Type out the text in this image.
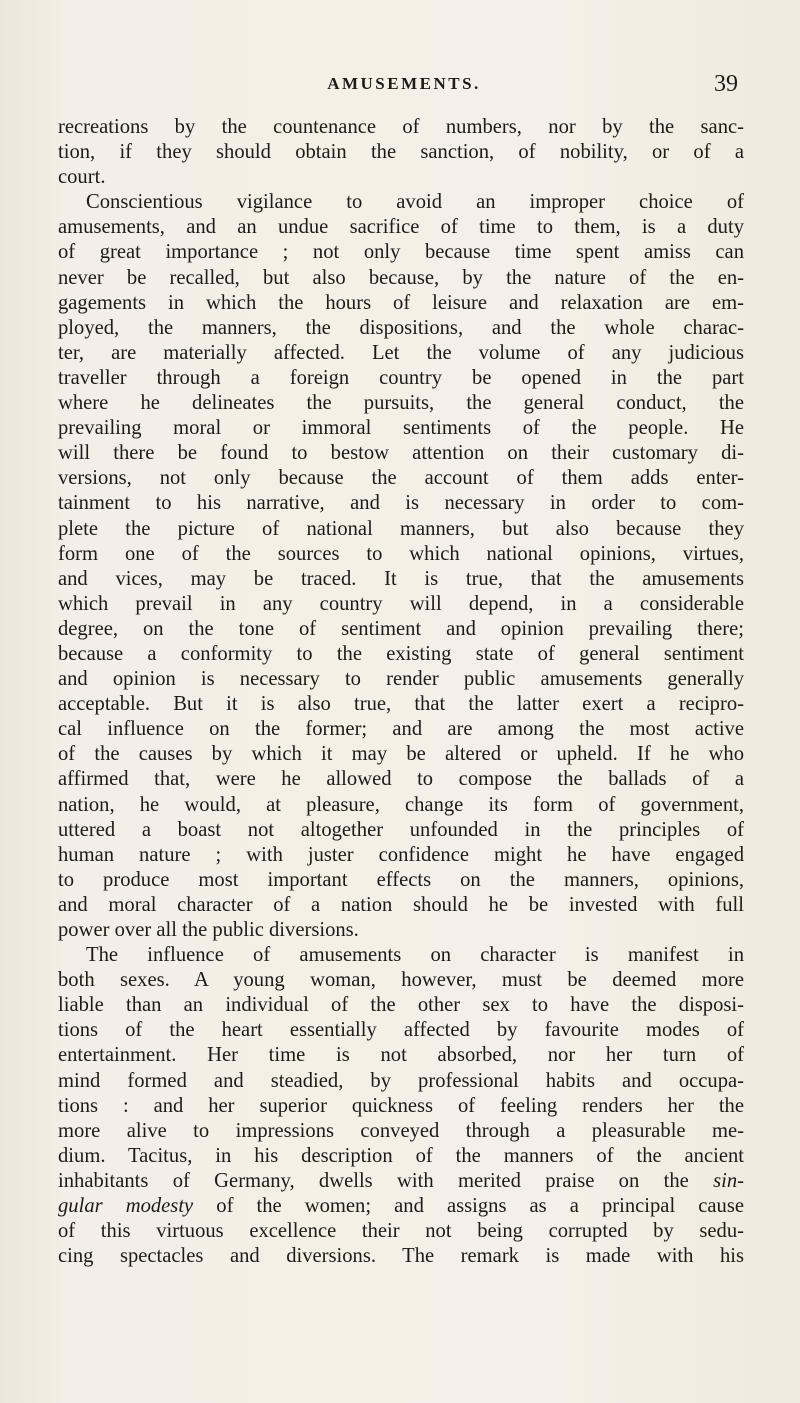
AMUSEMENTS.	39
recreations by the countenance of numbers, nor by the sanc-
tion, if they should obtain the sanction, of nobility, or of a
court.
Conscientious vigilance to avoid an improper choice of
amusements, and an undue sacrifice of time to them, is a duty
of great importance ; not only because time spent amiss can
never be recalled, but also because, by the nature of the en-
gagements in which the hours of leisure and relaxation are em-
ployed, the manners, the dispositions, and the whole charac-
ter, are materially affected. Let the volume of any judicious
traveller through a foreign country be opened in the part
where he delineates the pursuits, the general conduct, the
prevailing moral or immoral sentiments of the people. He
will there be found to bestow attention on their customary di-
versions, not only because the account of them adds enter-
tainment to his narrative, and is necessary in order to com-
plete the picture of national manners, but also because they
form one of the sources to which national opinions, virtues,
and vices, may be traced. It is true, that the amusements
which prevail in any country will depend, in a considerable
degree, on the tone of sentiment and opinion prevailing there;
because a conformity to the existing state of general sentiment
and opinion is necessary to render public amusements generally
acceptable. But it is also true, that the latter exert a recipro-
cal influence on the former; and are among the most active
of the causes by which it may be altered or upheld. If he who
affirmed that, were he allowed to compose the ballads of a
nation, he would, at pleasure, change its form of government,
uttered a boast not altogether unfounded in the principles of
human nature ; with juster confidence might he have engaged
to produce most important effects on the manners, opinions,
and moral character of a nation should he be invested with full
power over all the public diversions.
The influence of amusements on character is manifest in
both sexes. A young woman, however, must be deemed more
liable than an individual of the other sex to have the disposi-
tions of the heart essentially affected by favourite modes of
entertainment. Her time is not absorbed, nor her turn of
mind formed and steadied, by professional habits and occupa-
tions : and her superior quickness of feeling renders her the
more alive to impressions conveyed through a pleasurable me-
dium. Tacitus, in his description of the manners of the ancient
inhabitants of Germany, dwells with merited praise on the sin-
gular modesty of the women; and assigns as a principal cause
of this virtuous excellence their not being corrupted by sedu-
cing spectacles and diversions. The remark is made with his
